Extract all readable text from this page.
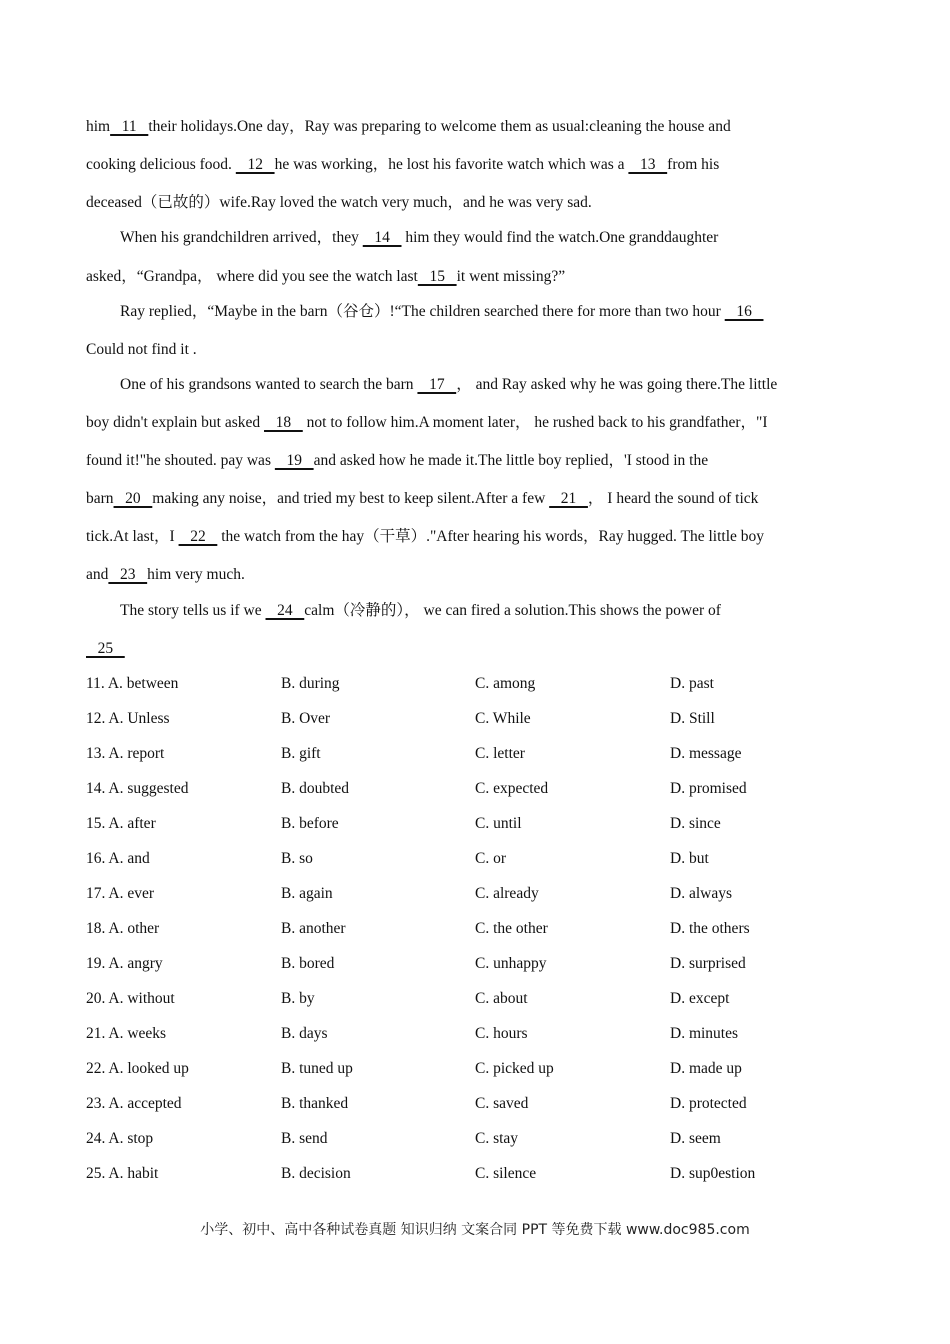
him   11   their holidays.One day，Ray was preparing to welcome them as usual:cleaning the house and
cooking delicious food.    12   he was working，he lost his favorite watch which was a    13   from his
deceased（已故的）wife.Ray loved the watch very much，and he was very sad.
When his grandchildren arrived，they    14    him they would find the watch.One granddaughter
asked，“Grandpa， where did you see the watch last   15   it went missing?”
Ray replied，“Maybe in the barn（谷仓）!“The children searched there for more than two hour    16
Could not find it .
One of his grandsons wanted to search the barn    17   ， and Ray asked why he was going there.The little
boy didn't explain but asked    18    not to follow him.A moment later， he rushed back to his grandfather，"I
found it!"he shouted. pay was    19   and asked how he made it.The little boy replied，'I stood in the
barn   20   making any noise，and tried my best to keep silent.After a few    21   ， I heard the sound of tick
tick.At last，I    22    the watch from the hay（干草）."After hearing his words，Ray hugged. The little boy
and   23   him very much.
The story tells us if we    24   calm（冷静的）， we can fired a solution.This shows the power of
25
11. A. between	B. during	C. among	D. past
12. A. Unless	B. Over	C. While	D. Still
13. A. report	B. gift	C. letter	D. message
14. A. suggested	B. doubted	C. expected	D. promised
15. A. after	B. before	C. until	D. since
16. A. and	B. so	C. or	D. but
17. A. ever	B. again	C. already	D. always
18. A. other	B. another	C. the other	D. the others
19. A. angry	B. bored	C. unhappy	D. surprised
20. A. without	B. by	C. about	D. except
21. A. weeks	B. days	C. hours	D. minutes
22. A. looked up	B. tuned up	C. picked up	D. made up
23. A. accepted	B. thanked	C. saved	D. protected
24. A. stop	B. send	C. stay	D. seem
25. A. habit	B. decision	C. silence	D. sup0estion
小学、初中、高中各种试卷真题 知识归纳 文案合同 PPT 等免费下载 www.doc985.com
